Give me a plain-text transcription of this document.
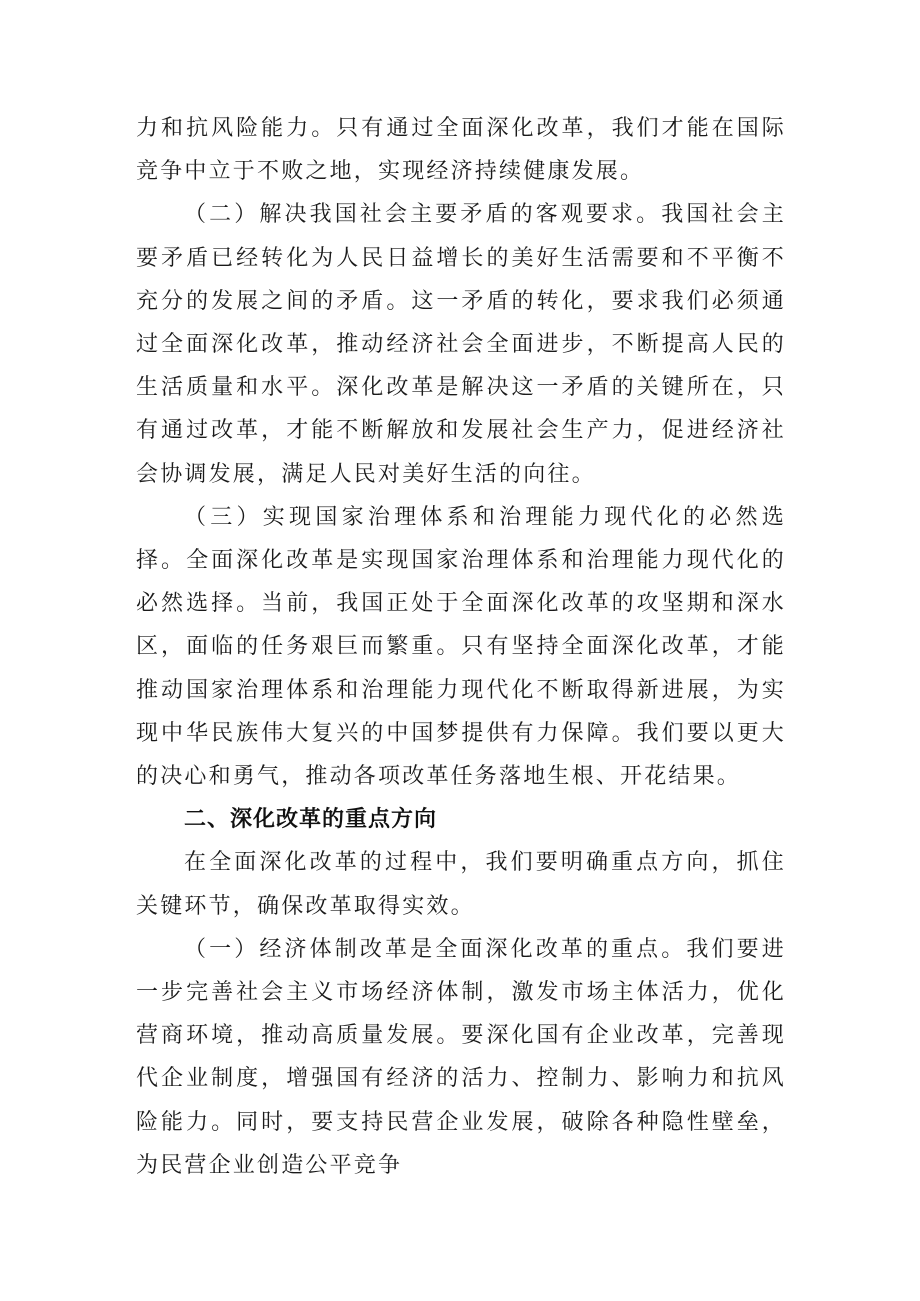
力和抗风险能力。只有通过全面深化改革，我们才能在国际竞争中立于不败之地，实现经济持续健康发展。

（二）解决我国社会主要矛盾的客观要求。我国社会主要矛盾已经转化为人民日益增长的美好生活需要和不平衡不充分的发展之间的矛盾。这一矛盾的转化，要求我们必须通过全面深化改革，推动经济社会全面进步，不断提高人民的生活质量和水平。深化改革是解决这一矛盾的关键所在，只有通过改革，才能不断解放和发展社会生产力，促进经济社会协调发展，满足人民对美好生活的向往。

（三）实现国家治理体系和治理能力现代化的必然选择。全面深化改革是实现国家治理体系和治理能力现代化的必然选择。当前，我国正处于全面深化改革的攻坚期和深水区，面临的任务艰巨而繁重。只有坚持全面深化改革，才能推动国家治理体系和治理能力现代化不断取得新进展，为实现中华民族伟大复兴的中国梦提供有力保障。我们要以更大的决心和勇气，推动各项改革任务落地生根、开花结果。

二、深化改革的重点方向

在全面深化改革的过程中，我们要明确重点方向，抓住关键环节，确保改革取得实效。

（一）经济体制改革是全面深化改革的重点。我们要进一步完善社会主义市场经济体制，激发市场主体活力，优化营商环境，推动高质量发展。要深化国有企业改革，完善现代企业制度，增强国有经济的活力、控制力、影响力和抗风险能力。同时，要支持民营企业发展，破除各种隐性壁垒，为民营企业创造公平竞争
